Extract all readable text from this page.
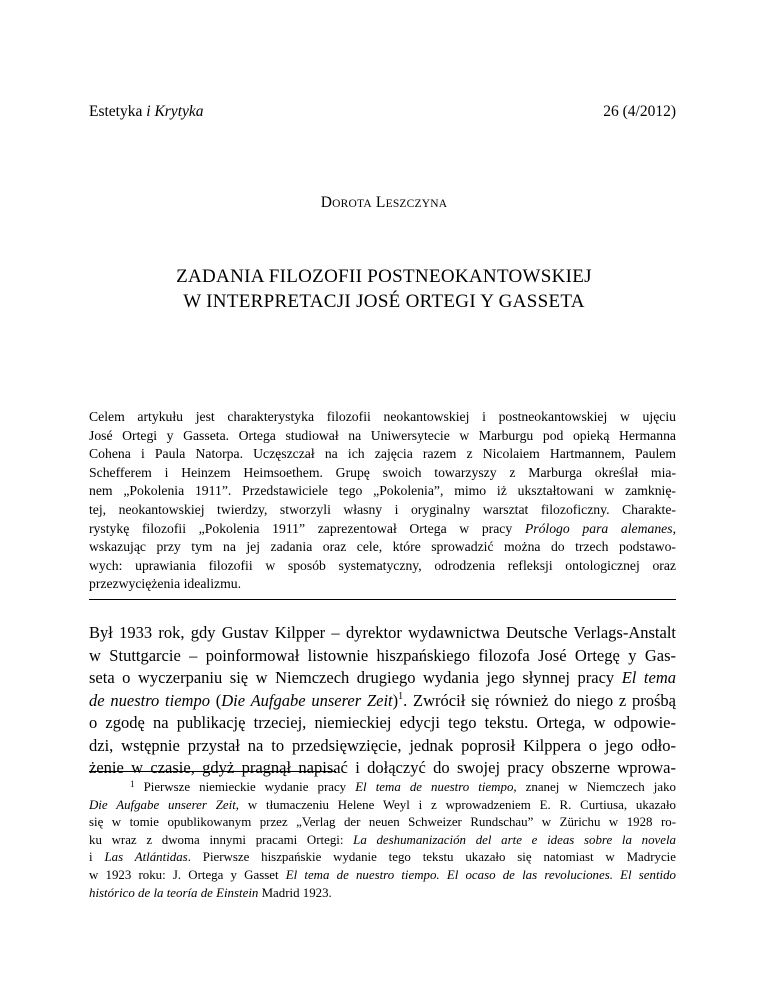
Estetyka i Krytyka	26 (4/2012)
DOROTA LESZCZYNA
ZADANIA FILOZOFII POSTNEOKANTOWSKIEJ
W INTERPRETACJI JOSÉ ORTEGI Y GASSETA
Celem artykułu jest charakterystyka filozofii neokantowskiej i postneokantowskiej w ujęciu
José Ortegi y Gasseta. Ortega studiował na Uniwersytecie w Marburgu pod opieką Hermanna
Cohena i Paula Natorpa. Uczęszczał na ich zajęcia razem z Nicolaiem Hartmannem, Paulem
Schefferem i Heinzem Heimsoethem. Grupę swoich towarzyszy z Marburga określał mia-
nem „Pokolenia 1911”. Przedstawiciele tego „Pokolenia”, mimo iż ukształtowani w zamknię-
tej, neokantowskiej twierdzy, stworzyli własny i oryginalny warsztat filozoficzny. Charakte-
rystykę filozofii „Pokolenia 1911” zaprezentował Ortega w pracy Prólogo para alemanes,
wskazując przy tym na jej zadania oraz cele, które sprowadzić można do trzech podstawo-
wych: uprawiania filozofii w sposób systematyczny, odrodzenia refleksji ontologicznej oraz
przezwyciężenia idealizmu.
Był 1933 rok, gdy Gustav Kilpper – dyrektor wydawnictwa Deutsche Verlags-Anstalt
w Stuttgarcie – poinformował listownie hiszpańskiego filozofa José Ortegę y Gas-
seta o wyczerpaniu się w Niemczech drugiego wydania jego słynnej pracy El tema
de nuestro tiempo (Die Aufgabe unserer Zeit)$^1$. Zwrócił się również do niego z prośbą
o zgodę na publikację trzeciej, niemieckiej edycji tego tekstu. Ortega, w odpowie-
dzi, wstępnie przystał na to przedsięwzięcie, jednak poprosił Kilppera o jego odło-
żenie w czasie, gdyż pragnął napisać i dołączyć do swojej pracy obszerne wprowa-
$^1$ Pierwsze niemieckie wydanie pracy El tema de nuestro tiempo, znanej w Niemczech jako
Die Aufgabe unserer Zeit, w tłumaczeniu Helene Weyl i z wprowadzeniem E. R. Curtiusa, ukazało
się w tomie opublikowanym przez „Verlag der neuen Schweizer Rundschau” w Zürichu w 1928 ro-
ku wraz z dwoma innymi pracami Ortegi: La deshumanización del arte e ideas sobre la novela
i Las Atlántidas. Pierwsze hiszpańskie wydanie tego tekstu ukazało się natomiast w Madrycie
w 1923 roku: J. Ortega y Gasset El tema de nuestro tiempo. El ocaso de las revoluciones. El sentido
histórico de la teoría de Einstein Madrid 1923.
